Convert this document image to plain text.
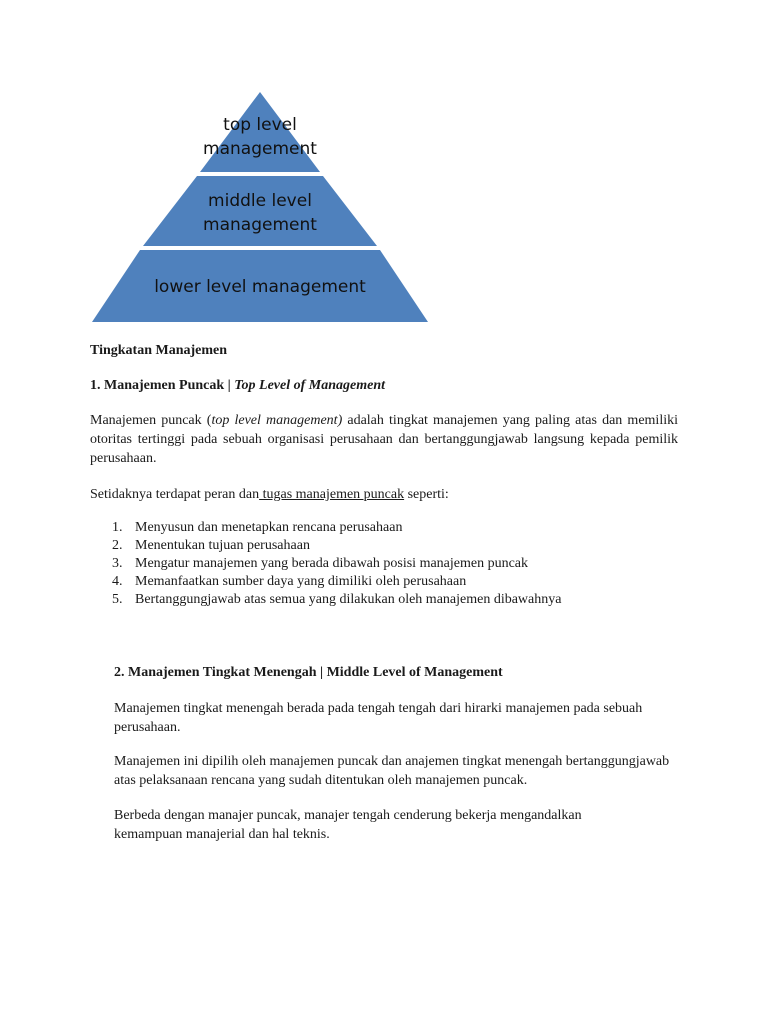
top level
management
middle level
management
lower level management

Tingkatan Manajemen

1. Manajemen Puncak | Top Level of Management

Manajemen puncak (top level management) adalah tingkat manajemen yang paling atas dan memiliki otoritas tertinggi pada sebuah organisasi perusahaan dan bertanggungjawab langsung kepada pemilik perusahaan.

Setidaknya terdapat peran dan tugas manajemen puncak seperti:

1. Menyusun dan menetapkan rencana perusahaan
2. Menentukan tujuan perusahaan
3. Mengatur manajemen yang berada dibawah posisi manajemen puncak
4. Memanfaatkan sumber daya yang dimiliki oleh perusahaan
5. Bertanggungjawab atas semua yang dilakukan oleh manajemen dibawahnya

2. Manajemen Tingkat Menengah | Middle Level of Management

Manajemen tingkat menengah berada pada tengah tengah dari hirarki manajemen pada sebuah perusahaan.

Manajemen ini dipilih oleh manajemen puncak dan anajemen tingkat menengah bertanggungjawab atas pelaksanaan rencana yang sudah ditentukan oleh manajemen puncak.

Berbeda dengan manajer puncak, manajer tengah cenderung bekerja mengandalkan kemampuan manajerial dan hal teknis.
